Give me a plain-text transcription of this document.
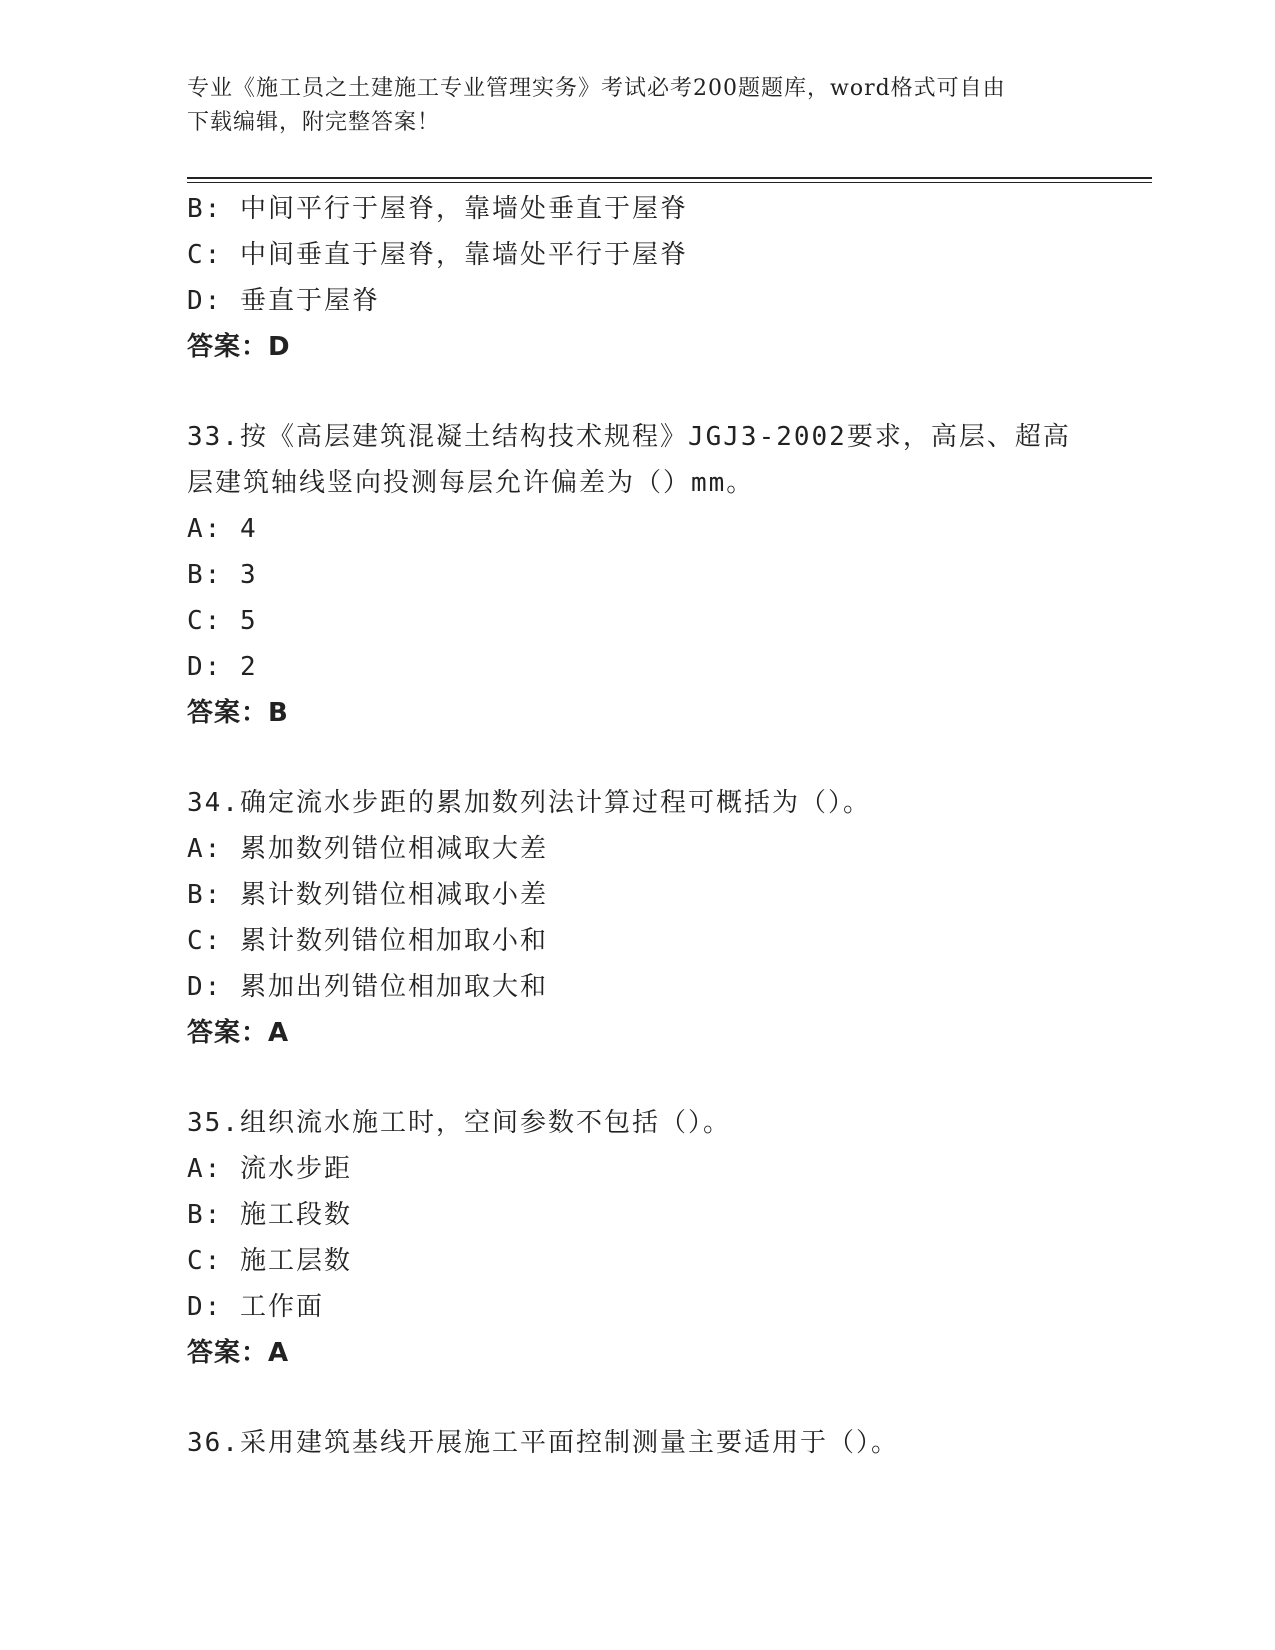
专业《施工员之土建施工专业管理实务》考试必考200题题库，word格式可自由
下载编辑，附完整答案！
B: 中间平行于屋脊，靠墙处垂直于屋脊
C: 中间垂直于屋脊，靠墙处平行于屋脊
D: 垂直于屋脊
答案：D
33.按《高层建筑混凝土结构技术规程》JGJ3-2002要求，高层、超高
层建筑轴线竖向投测每层允许偏差为（）mm。
A: 4
B: 3
C: 5
D: 2
答案：B
34.确定流水步距的累加数列法计算过程可概括为（）。
A: 累加数列错位相减取大差
B: 累计数列错位相减取小差
C: 累计数列错位相加取小和
D: 累加出列错位相加取大和
答案：A
35.组织流水施工时，空间参数不包括（）。
A: 流水步距
B: 施工段数
C: 施工层数
D: 工作面
答案：A
36.采用建筑基线开展施工平面控制测量主要适用于（）。
